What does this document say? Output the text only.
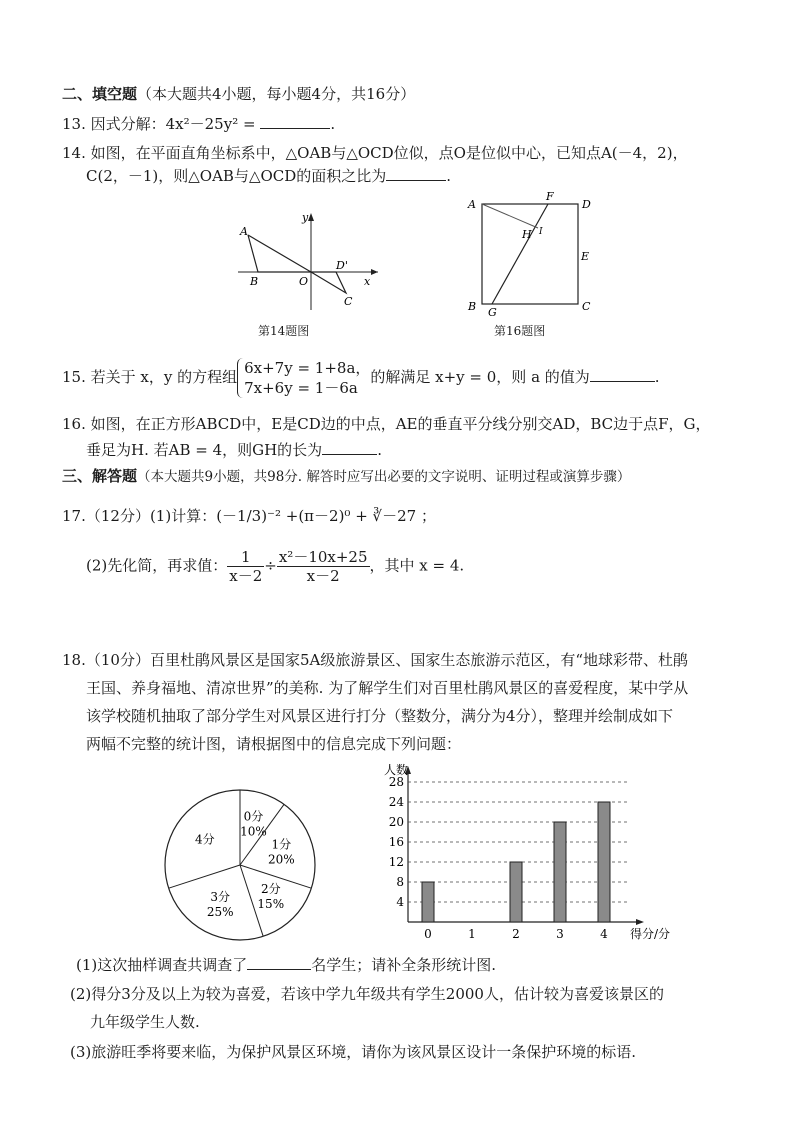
二、填空题（本大题共4小题，每小题4分，共16分）
13. 因式分解：4x²－25y² =	.
14. 如图，在平面直角坐标系中，△OAB与△OCD位似，点O是位似中心，已知点A(－4，2)，
C(2，－1)，则△OAB与△OCD的面积之比为	.
A
B	O
D'
C
x
y
第14题图
A	D
F
H I
E
B G	C
第16题图
15. 若关于 x，y 的方程组 6x+7y = 1+8a，
7x+6y = 1－6a的解满足 x+y = 0，则 a 的值为	.
16. 如图，在正方形ABCD中，E是CD边的中点，AE的垂直平分线分别交AD，BC边于点F，G，
垂足为H. 若AB = 4，则GH的长为	.
三、解答题（本大题共9小题，共98分. 解答时应写出必要的文字说明、证明过程或演算步骤）
17.（12分）(1)计算：(－1/3)⁻² +(π－2)⁰ + ∛－27 ；
(2)先化简，再求值： $\frac{1}{x-2} \div \frac{\text{x²－10x+25}}{x-2}$ ，其中 x = 4.
18.（10分）百里杜鹃风景区是国家5A级旅游景区、国家生态旅游示范区，有“地球彩带、杜鹃
王国、养身福地、清凉世界”的美称. 为了解学生们对百里杜鹃风景区的喜爱程度，某中学从
该学校随机抽取了部分学生对风景区进行打分（整数分，满分为4分），整理并绘制成如下
两幅不完整的统计图，请根据图中的信息完成下列问题：
0分
10%
1分
20%
2分
15%
3分
25%
4分
人数
4
8
12
16
20
24
28
0	1	2	3	4 得分/分
(1)这次抽样调查共调查了	名学生；请补全条形统计图.
(2)得分3分及以上为较为喜爱，若该中学九年级共有学生2000人，估计较为喜爱该景区的
九年级学生人数.
(3)旅游旺季将要来临，为保护风景区环境，请你为该风景区设计一条保护环境的标语.
